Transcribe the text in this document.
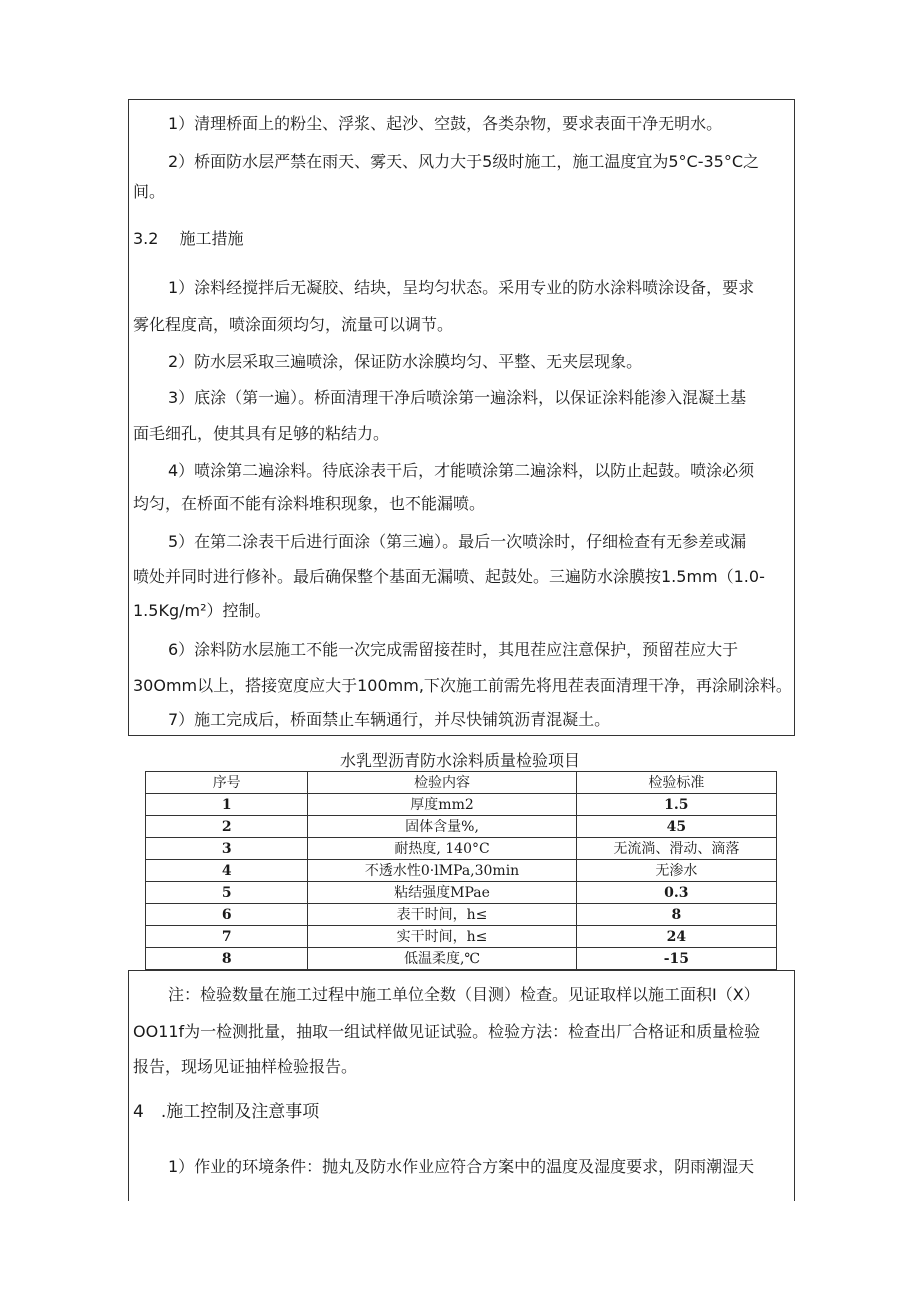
1）清理桥面上的粉尘、浮浆、起沙、空鼓，各类杂物，要求表面干净无明水。
2）桥面防水层严禁在雨天、雾天、风力大于5级时施工，施工温度宜为5°C-35°C之
间。
3.2　 施工措施
1）涂料经搅拌后无凝胶、结块，呈均匀状态。采用专业的防水涂料喷涂设备，要求
雾化程度高，喷涂面须均匀，流量可以调节。
2）防水层采取三遍喷涂，保证防水涂膜均匀、平整、无夹层现象。
3）底涂（第一遍）。桥面清理干净后喷涂第一遍涂料，以保证涂料能渗入混凝土基
面毛细孔，使其具有足够的粘结力。
4）喷涂第二遍涂料。待底涂表干后，才能喷涂第二遍涂料，以防止起鼓。喷涂必须
均匀，在桥面不能有涂料堆积现象，也不能漏喷。
5）在第二涂表干后进行面涂（第三遍）。最后一次喷涂时，仔细检查有无参差或漏
喷处并同时进行修补。最后确保整个基面无漏喷、起鼓处。三遍防水涂膜按1.5mm（1.0-
1.5Kg∕m²）控制。
6）涂料防水层施工不能一次完成需留接茬时，其甩茬应注意保护，预留茬应大于
30Omm以上，搭接宽度应大于100mm,下次施工前需先将甩茬表面清理干净，再涂刷涂料。
7）施工完成后，桥面禁止车辆通行，并尽快铺筑沥青混凝土。
水乳型沥青防水涂料质量检验项目
序号	检验内容	检验标准
1	厚度mm2	1.5
2	固体含量%,	45
3	耐热度, 140°C	无流淌、滑动、滴落
4	不透水性0·lMPa,30min	无渗水
5	粘结强度MPae	0.3
6	表干时间，h≤	8
7	实干时间，h≤	24
8	低温柔度,℃	-15
注：检验数量在施工过程中施工单位全数（目测）检查。见证取样以施工面积I（X）
OO11f为一检测批量，抽取一组试样做见证试验。检验方法：检查出厂合格证和质量检验
报告，现场见证抽样检验报告。
4　.施工控制及注意事项
1）作业的环境条件：抛丸及防水作业应符合方案中的温度及湿度要求，阴雨潮湿天
